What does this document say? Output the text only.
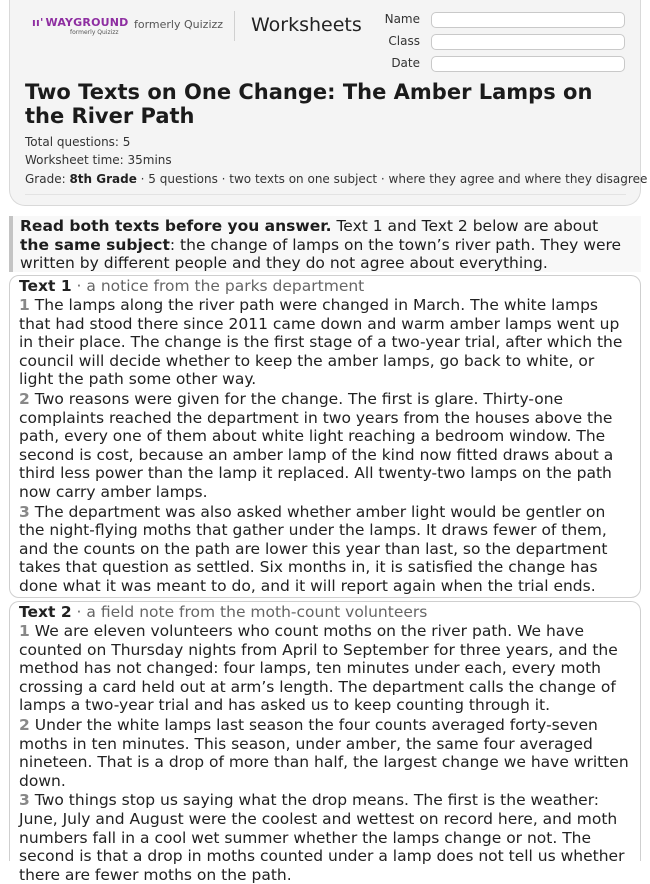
ıı' WAYGROUND
formerly Quizizz
formerly Quizizz Worksheets	Name
Class
Date
Two Texts on One Change: The Amber Lamps on the River Path
Total questions: 5
Worksheet time: 35mins
Grade: 8th Grade · 5 questions · two texts on one subject · where they agree and where they disagree
Read both texts before you answer. Text 1 and Text 2 below are about the same subject: the change of lamps on the town’s river path. They were written by different people and they do not agree about everything.
Text 1 · a notice from the parks department

1 The lamps along the river path were changed in March. The white lamps that had stood there since 2011 came down and warm amber lamps went up in their place. The change is the first stage of a two-year trial, after which the council will decide whether to keep the amber lamps, go back to white, or light the path some other way.

2 Two reasons were given for the change. The first is glare. Thirty-one complaints reached the department in two years from the houses above the path, every one of them about white light reaching a bedroom window. The second is cost, because an amber lamp of the kind now fitted draws about a third less power than the lamp it replaced. All twenty-two lamps on the path now carry amber lamps.

3 The department was also asked whether amber light would be gentler on the night-flying moths that gather under the lamps. It draws fewer of them, and the counts on the path are lower this year than last, so the department takes that question as settled. Six months in, it is satisfied the change has done what it was meant to do, and it will report again when the trial ends.

Text 2 · a field note from the moth-count volunteers

1 We are eleven volunteers who count moths on the river path. We have counted on Thursday nights from April to September for three years, and the method has not changed: four lamps, ten minutes under each, every moth crossing a card held out at arm’s length. The department calls the change of lamps a two-year trial and has asked us to keep counting through it.

2 Under the white lamps last season the four counts averaged forty-seven moths in ten minutes. This season, under amber, the same four averaged nineteen. That is a drop of more than half, the largest change we have written down.

3 Two things stop us saying what the drop means. The first is the weather: June, July and August were the coolest and wettest on record here, and moth numbers fall in a cool wet summer whether the lamps change or not. The second is that a drop in moths counted under a lamp does not tell us whether there are fewer moths on the path.
